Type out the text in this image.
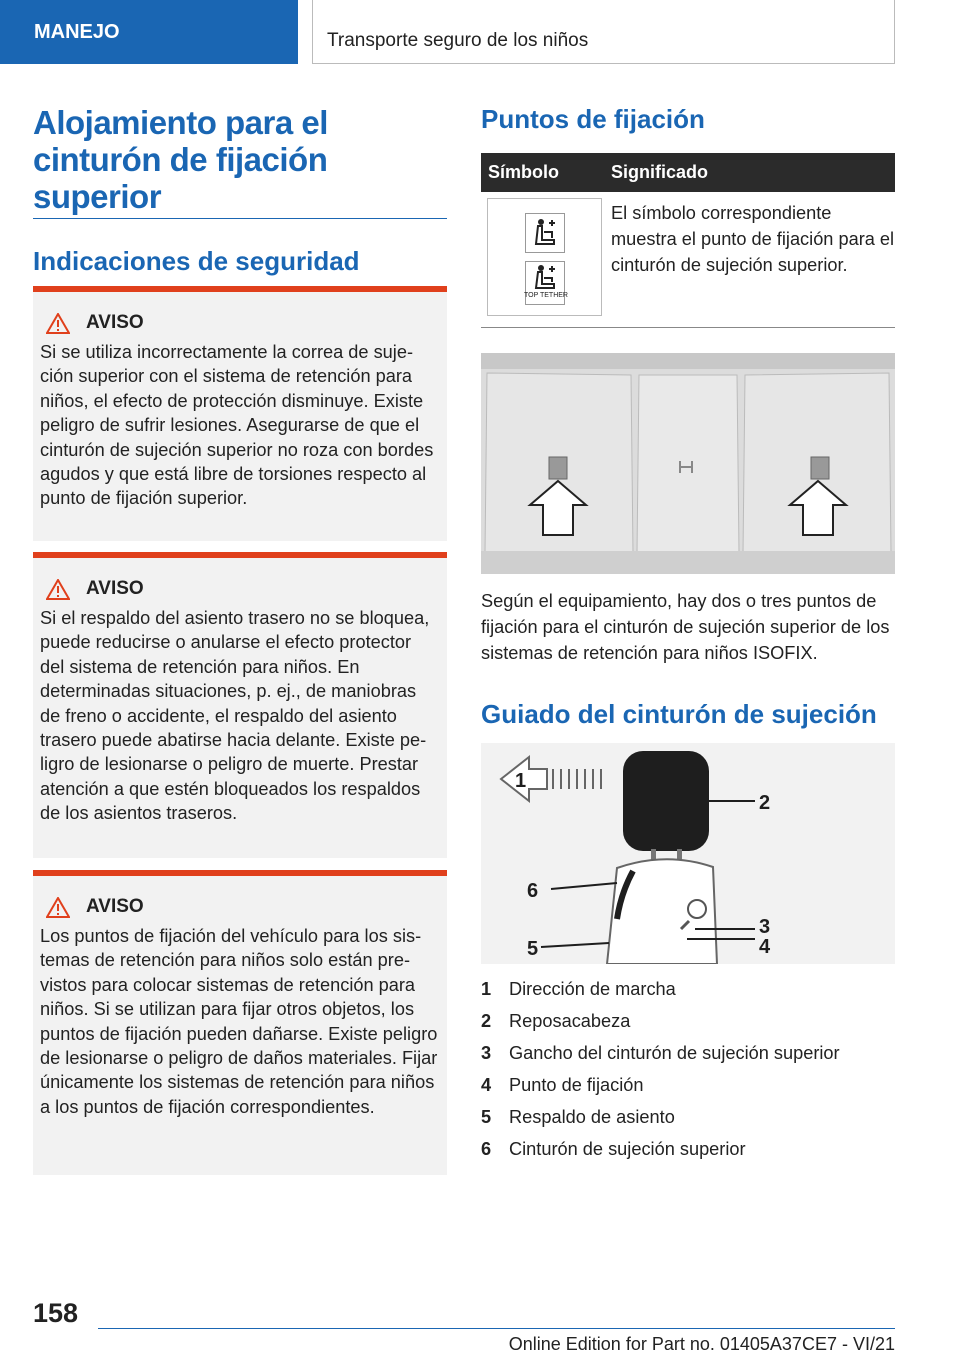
MANEJO	Transporte seguro de los niños
Alojamiento para el cinturón de fijación superior
Indicaciones de seguridad
AVISO
Si se utiliza incorrectamente la correa de sujeción superior con el sistema de retención para niños, el efecto de protección disminuye. Existe peligro de sufrir lesiones. Asegurarse de que el cinturón de sujeción superior no roza con bordes agudos y que está libre de torsiones respecto al punto de fijación superior.
AVISO
Si el respaldo del asiento trasero no se bloquea, puede reducirse o anularse el efecto protector del sistema de retención para niños. En determinadas situaciones, p. ej., de maniobras de freno o accidente, el respaldo del asiento trasero puede abatirse hacia delante. Existe peligro de lesionarse o peligro de muerte. Prestar atención a que estén bloqueados los respaldos de los asientos traseros.
AVISO
Los puntos de fijación del vehículo para los sistemas de retención para niños solo están previstos para colocar sistemas de retención para niños. Si se utilizan para fijar otros objetos, los puntos de fijación pueden dañarse. Existe peligro de lesionarse o peligro de daños materiales. Fijar únicamente los sistemas de retención para niños a los puntos de fijación correspondientes.
Puntos de fijación
Símbolo	Significado
TOP TETHER
El símbolo correspondiente muestra el punto de fijación para el cinturón de sujeción superior.
Según el equipamiento, hay dos o tres puntos de fijación para el cinturón de sujeción superior de los sistemas de retención para niños ISOFIX.
Guiado del cinturón de sujeción
1
2
6
3
4
5
1 Dirección de marcha
2 Reposacabeza
3 Gancho del cinturón de sujeción superior
4 Punto de fijación
5 Respaldo de asiento
6 Cinturón de sujeción superior
158
Online Edition for Part no. 01405A37CE7 - VI/21
